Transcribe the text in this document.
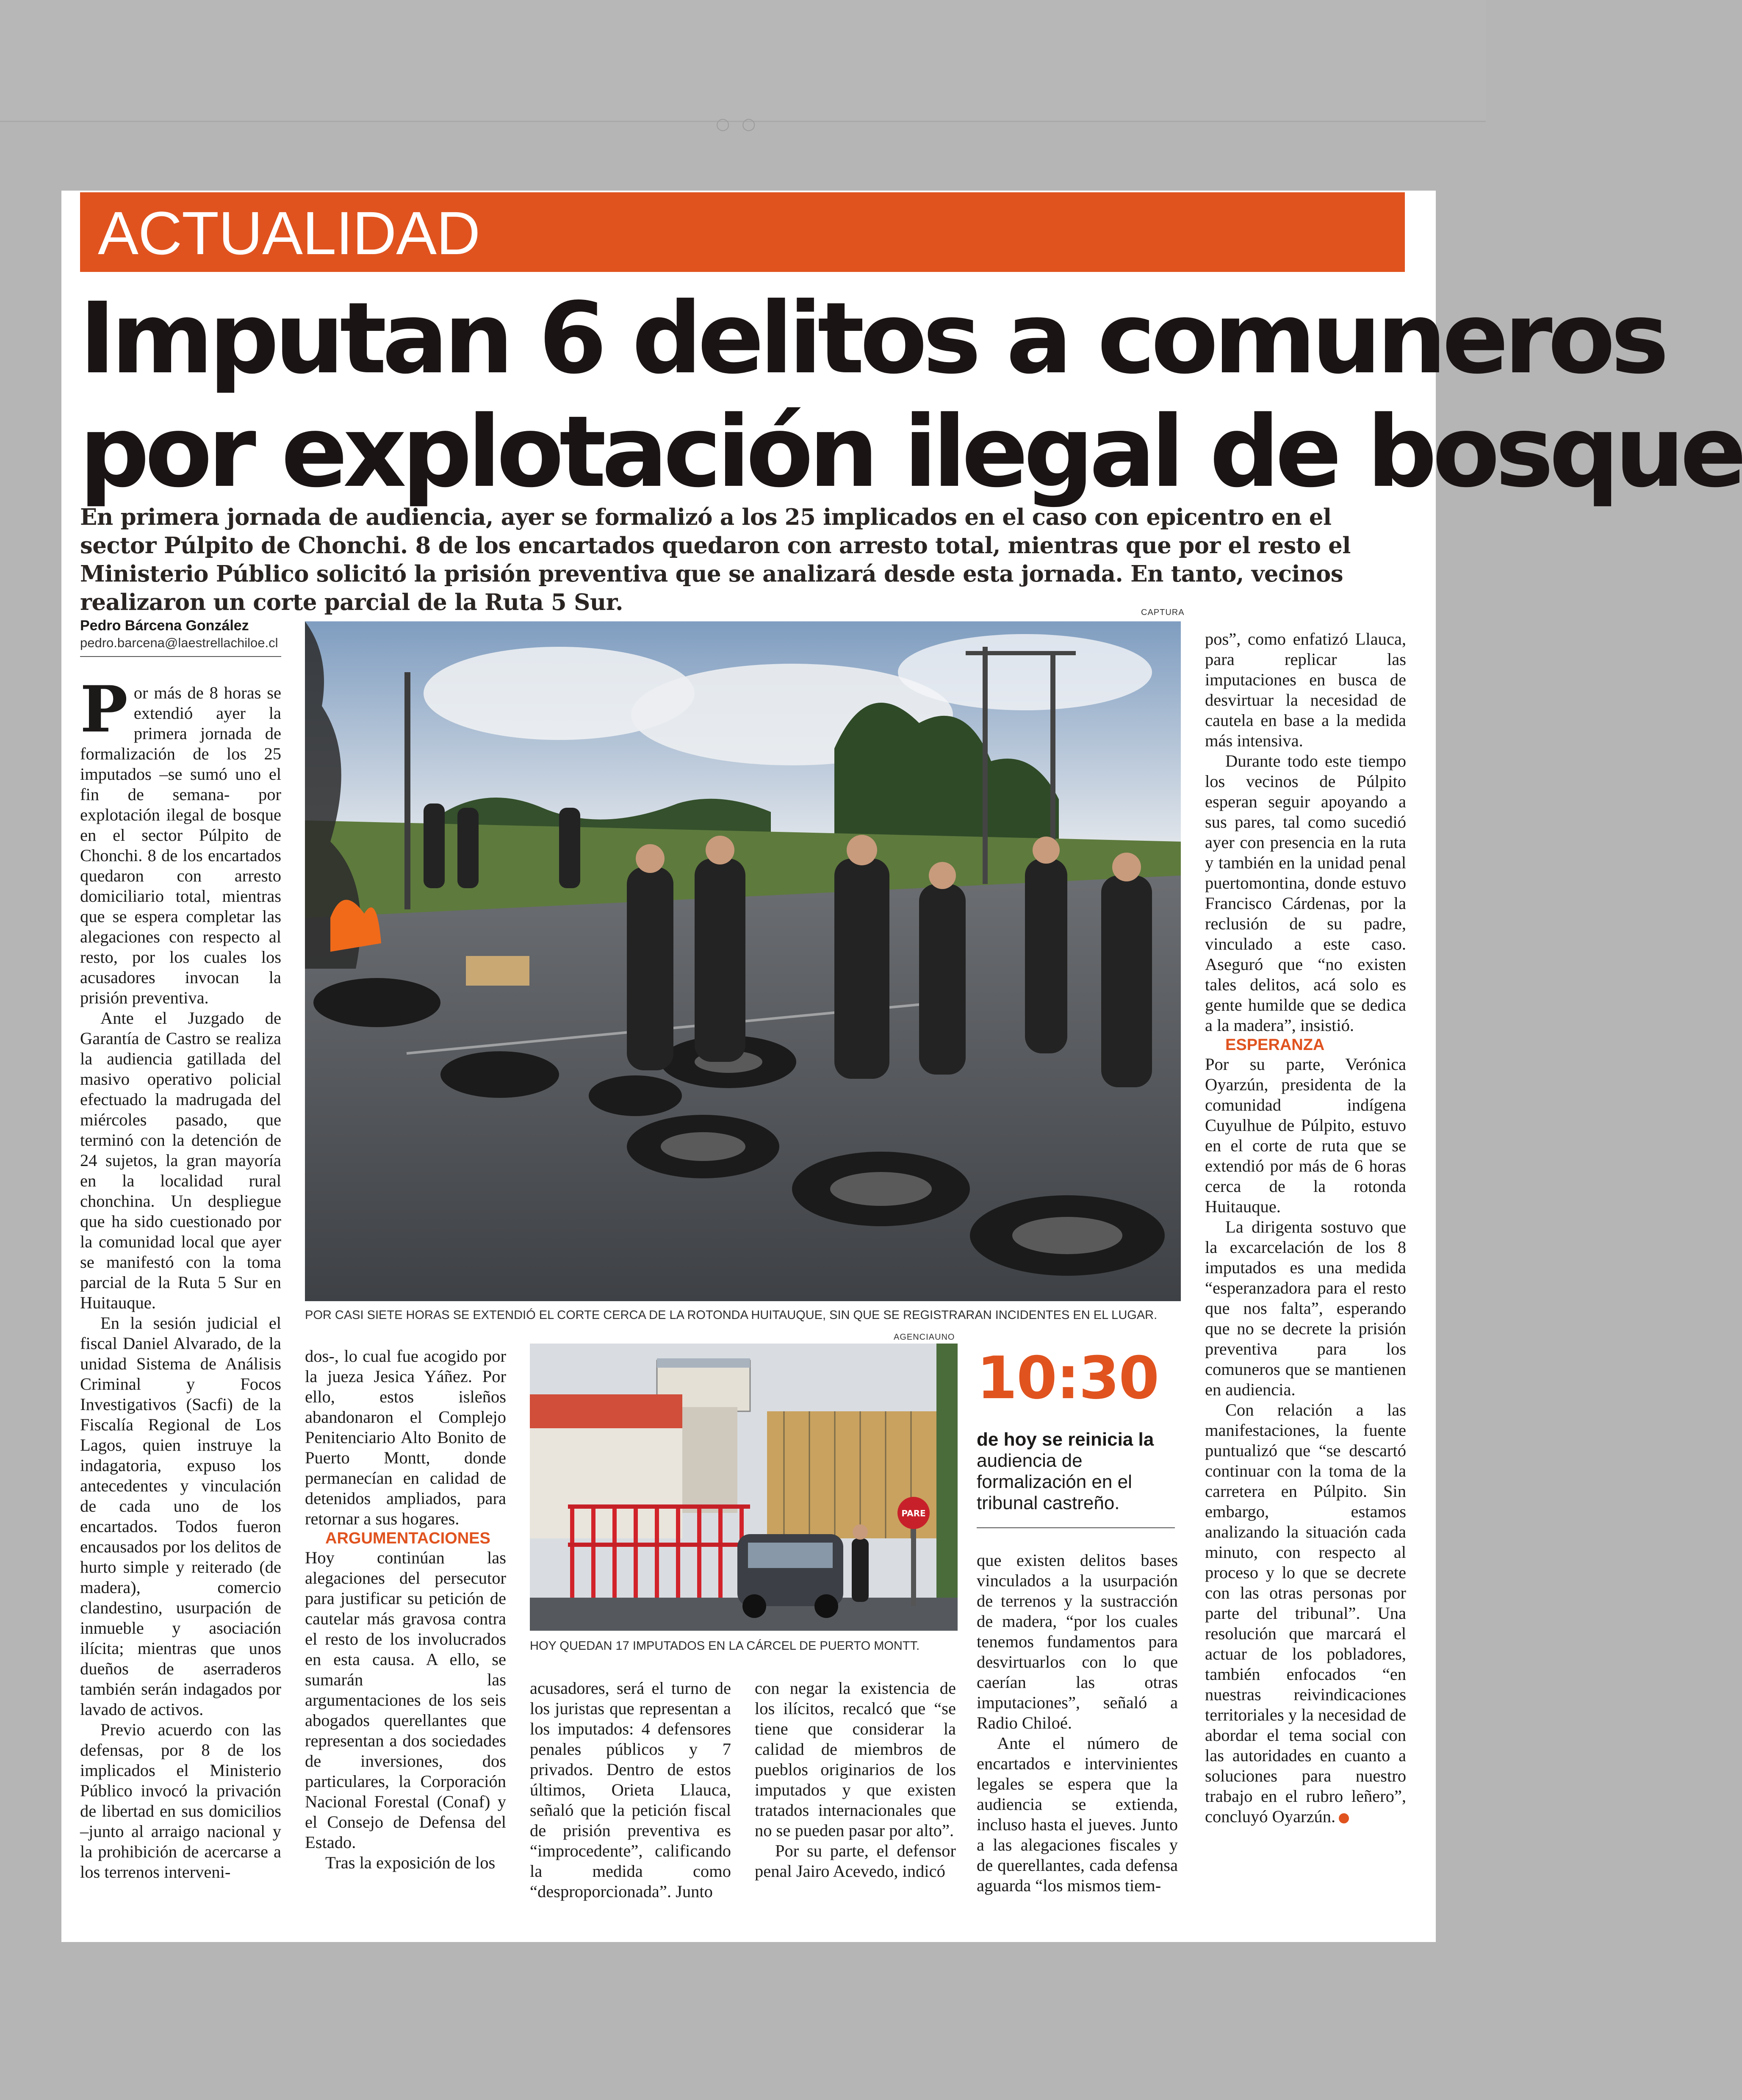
○○
ACTUALIDAD
Imputan 6 delitos a comuneros
por explotación ilegal de bosque

En primera jornada de audiencia, ayer se formalizó a los 25 implicados en el caso con epicentro en el sector Púlpito de Chonchi. 8 de los encartados quedaron con arresto total, mientras que por el resto el Ministerio Público solicitó la prisión preventiva que se analizará desde esta jornada. En tanto, vecinos realizaron un corte parcial de la Ruta 5 Sur.

Pedro Bárcena González
pedro.barcena@laestrellachiloe.cl
CAPTURA

POR CASI SIETE HORAS SE EXTENDIÓ EL CORTE CERCA DE LA ROTONDA HUITAUQUE, SIN QUE SE REGISTRARAN INCIDENTES EN EL LUGAR.

AGENCIAUNO
PARE

HOY QUEDAN 17 IMPUTADOS EN LA CÁRCEL DE PUERTO MONTT.

10:30
de hoy se reinicia la audiencia de formalización en el tribunal castreño.

Por más de 8 horas se extendió ayer la primera jornada de formalización de los 25 imputados –se sumó uno el fin de semana- por explotación ilegal de bosque en el sector Púlpito de Chonchi. 8 de los encartados quedaron con arresto domiciliario total, mientras que se espera completar las alegaciones con respecto al resto, por los cuales los acusadores invocan la prisión preventiva.

Ante el Juzgado de Garantía de Castro se realiza la audiencia gatillada del masivo operativo policial efectuado la madrugada del miércoles pasado, que terminó con la detención de 24 sujetos, la gran mayoría en la localidad rural chonchina. Un despliegue que ha sido cuestionado por la comunidad local que ayer se manifestó con la toma parcial de la Ruta 5 Sur en Huitauque.

En la sesión judicial el fiscal Daniel Alvarado, de la unidad Sistema de Análisis Criminal y Focos Investigativos (Sacfi) de la Fiscalía Regional de Los Lagos, quien instruye la indagatoria, expuso los antecedentes y vinculación de cada uno de los encartados. Todos fueron encausados por los delitos de hurto simple y reiterado (de madera), comercio clandestino, usurpación de inmueble y asociación ilícita; mientras que unos dueños de aserraderos también serán indagados por lavado de activos.

Previo acuerdo con las defensas, por 8 de los implicados el Ministerio Público invocó la privación de libertad en sus domicilios –junto al arraigo nacional y la prohibición de acercarse a los terrenos interveni-

dos-, lo cual fue acogido por la jueza Jesica Yáñez. Por ello, estos isleños abandonaron el Complejo Penitenciario Alto Bonito de Puerto Montt, donde permanecían en calidad de detenidos ampliados, para retornar a sus hogares.

ARGUMENTACIONES

Hoy continúan las alegaciones del persecutor para justificar su petición de cautelar más gravosa contra el resto de los involucrados en esta causa. A ello, se sumarán las argumentaciones de los seis abogados querellantes que representan a dos sociedades de inversiones, dos particulares, la Corporación Nacional Forestal (Conaf) y el Consejo de Defensa del Estado.

Tras la exposición de los

acusadores, será el turno de los juristas que representan a los imputados: 4 defensores penales públicos y 7 privados. Dentro de estos últimos, Orieta Llauca, señaló que la petición fiscal de prisión preventiva es “improcedente”, calificando la medida como “desproporcionada”. Junto

con negar la existencia de los ilícitos, recalcó que “se tiene que considerar la calidad de miembros de pueblos originarios de los imputados y que existen tratados internacionales que no se pueden pasar por alto”.

Por su parte, el defensor penal Jairo Acevedo, indicó

que existen delitos bases vinculados a la usurpación de terrenos y la sustracción de madera, “por los cuales tenemos fundamentos para desvirtuarlos con lo que caerían las otras imputaciones”, señaló a Radio Chiloé.

Ante el número de encartados e intervinientes legales se espera que la audiencia se extienda, incluso hasta el jueves. Junto a las alegaciones fiscales y de querellantes, cada defensa aguarda “los mismos tiem-

pos”, como enfatizó Llauca, para replicar las imputaciones en busca de desvirtuar la necesidad de cautela en base a la medida más intensiva.

Durante todo este tiempo los vecinos de Púlpito esperan seguir apoyando a sus pares, tal como sucedió ayer con presencia en la ruta y también en la unidad penal puertomontina, donde estuvo Francisco Cárdenas, por la reclusión de su padre, vinculado a este caso. Aseguró que “no existen tales delitos, acá solo es gente humilde que se dedica a la madera”, insistió.

ESPERANZA

Por su parte, Verónica Oyarzún, presidenta de la comunidad indígena Cuyulhue de Púlpito, estuvo en el corte de ruta que se extendió por más de 6 horas cerca de la rotonda Huitauque.

La dirigenta sostuvo que la excarcelación de los 8 imputados es una medida “esperanzadora para el resto que nos falta”, esperando que no se decrete la prisión preventiva para los comuneros que se mantienen en audiencia.

Con relación a las manifestaciones, la fuente puntualizó que “se descartó continuar con la toma de la carretera en Púlpito. Sin embargo, estamos analizando la situación cada minuto, con respecto al proceso y lo que se decrete con las otras personas por parte del tribunal”. Una resolución que marcará el actuar de los pobladores, también enfocados “en nuestras reivindicaciones territoriales y la necesidad de abordar el tema social con las autoridades en cuanto a soluciones para nuestro trabajo en el rubro leñero”, concluyó Oyarzún.
